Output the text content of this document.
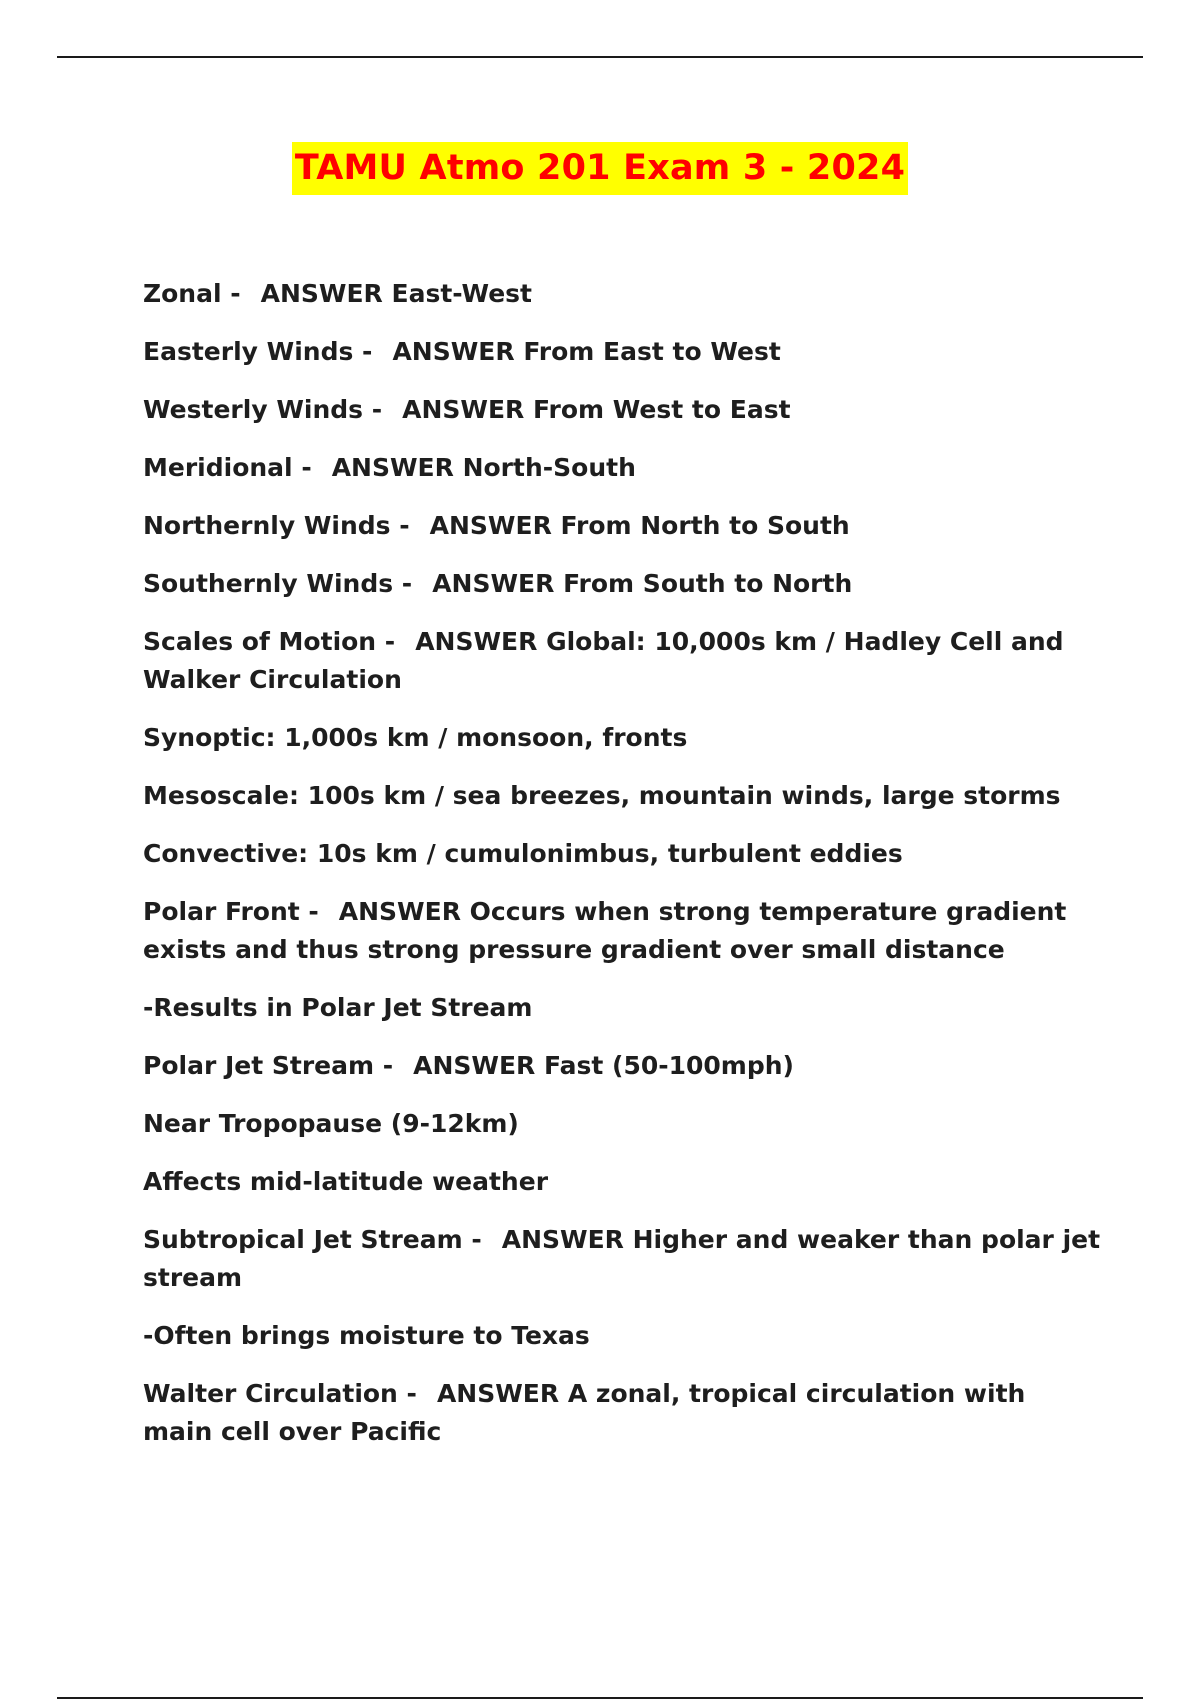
TAMU Atmo 201 Exam 3 - 2024
Zonal - ANSWER East-West
Easterly Winds - ANSWER From East to West
Westerly Winds - ANSWER From West to East
Meridional - ANSWER North-South
Northernly Winds - ANSWER From North to South
Southernly Winds - ANSWER From South to North
Scales of Motion - ANSWER Global: 10,000s km / Hadley Cell and Walker Circulation
Synoptic: 1,000s km / monsoon, fronts
Mesoscale: 100s km / sea breezes, mountain winds, large storms
Convective: 10s km / cumulonimbus, turbulent eddies
Polar Front - ANSWER Occurs when strong temperature gradient exists and thus strong pressure gradient over small distance
-Results in Polar Jet Stream
Polar Jet Stream - ANSWER Fast (50-100mph)
Near Tropopause (9-12km)
Affects mid-latitude weather
Subtropical Jet Stream - ANSWER Higher and weaker than polar jet stream
-Often brings moisture to Texas
Walter Circulation - ANSWER A zonal, tropical circulation with main cell over Pacific
